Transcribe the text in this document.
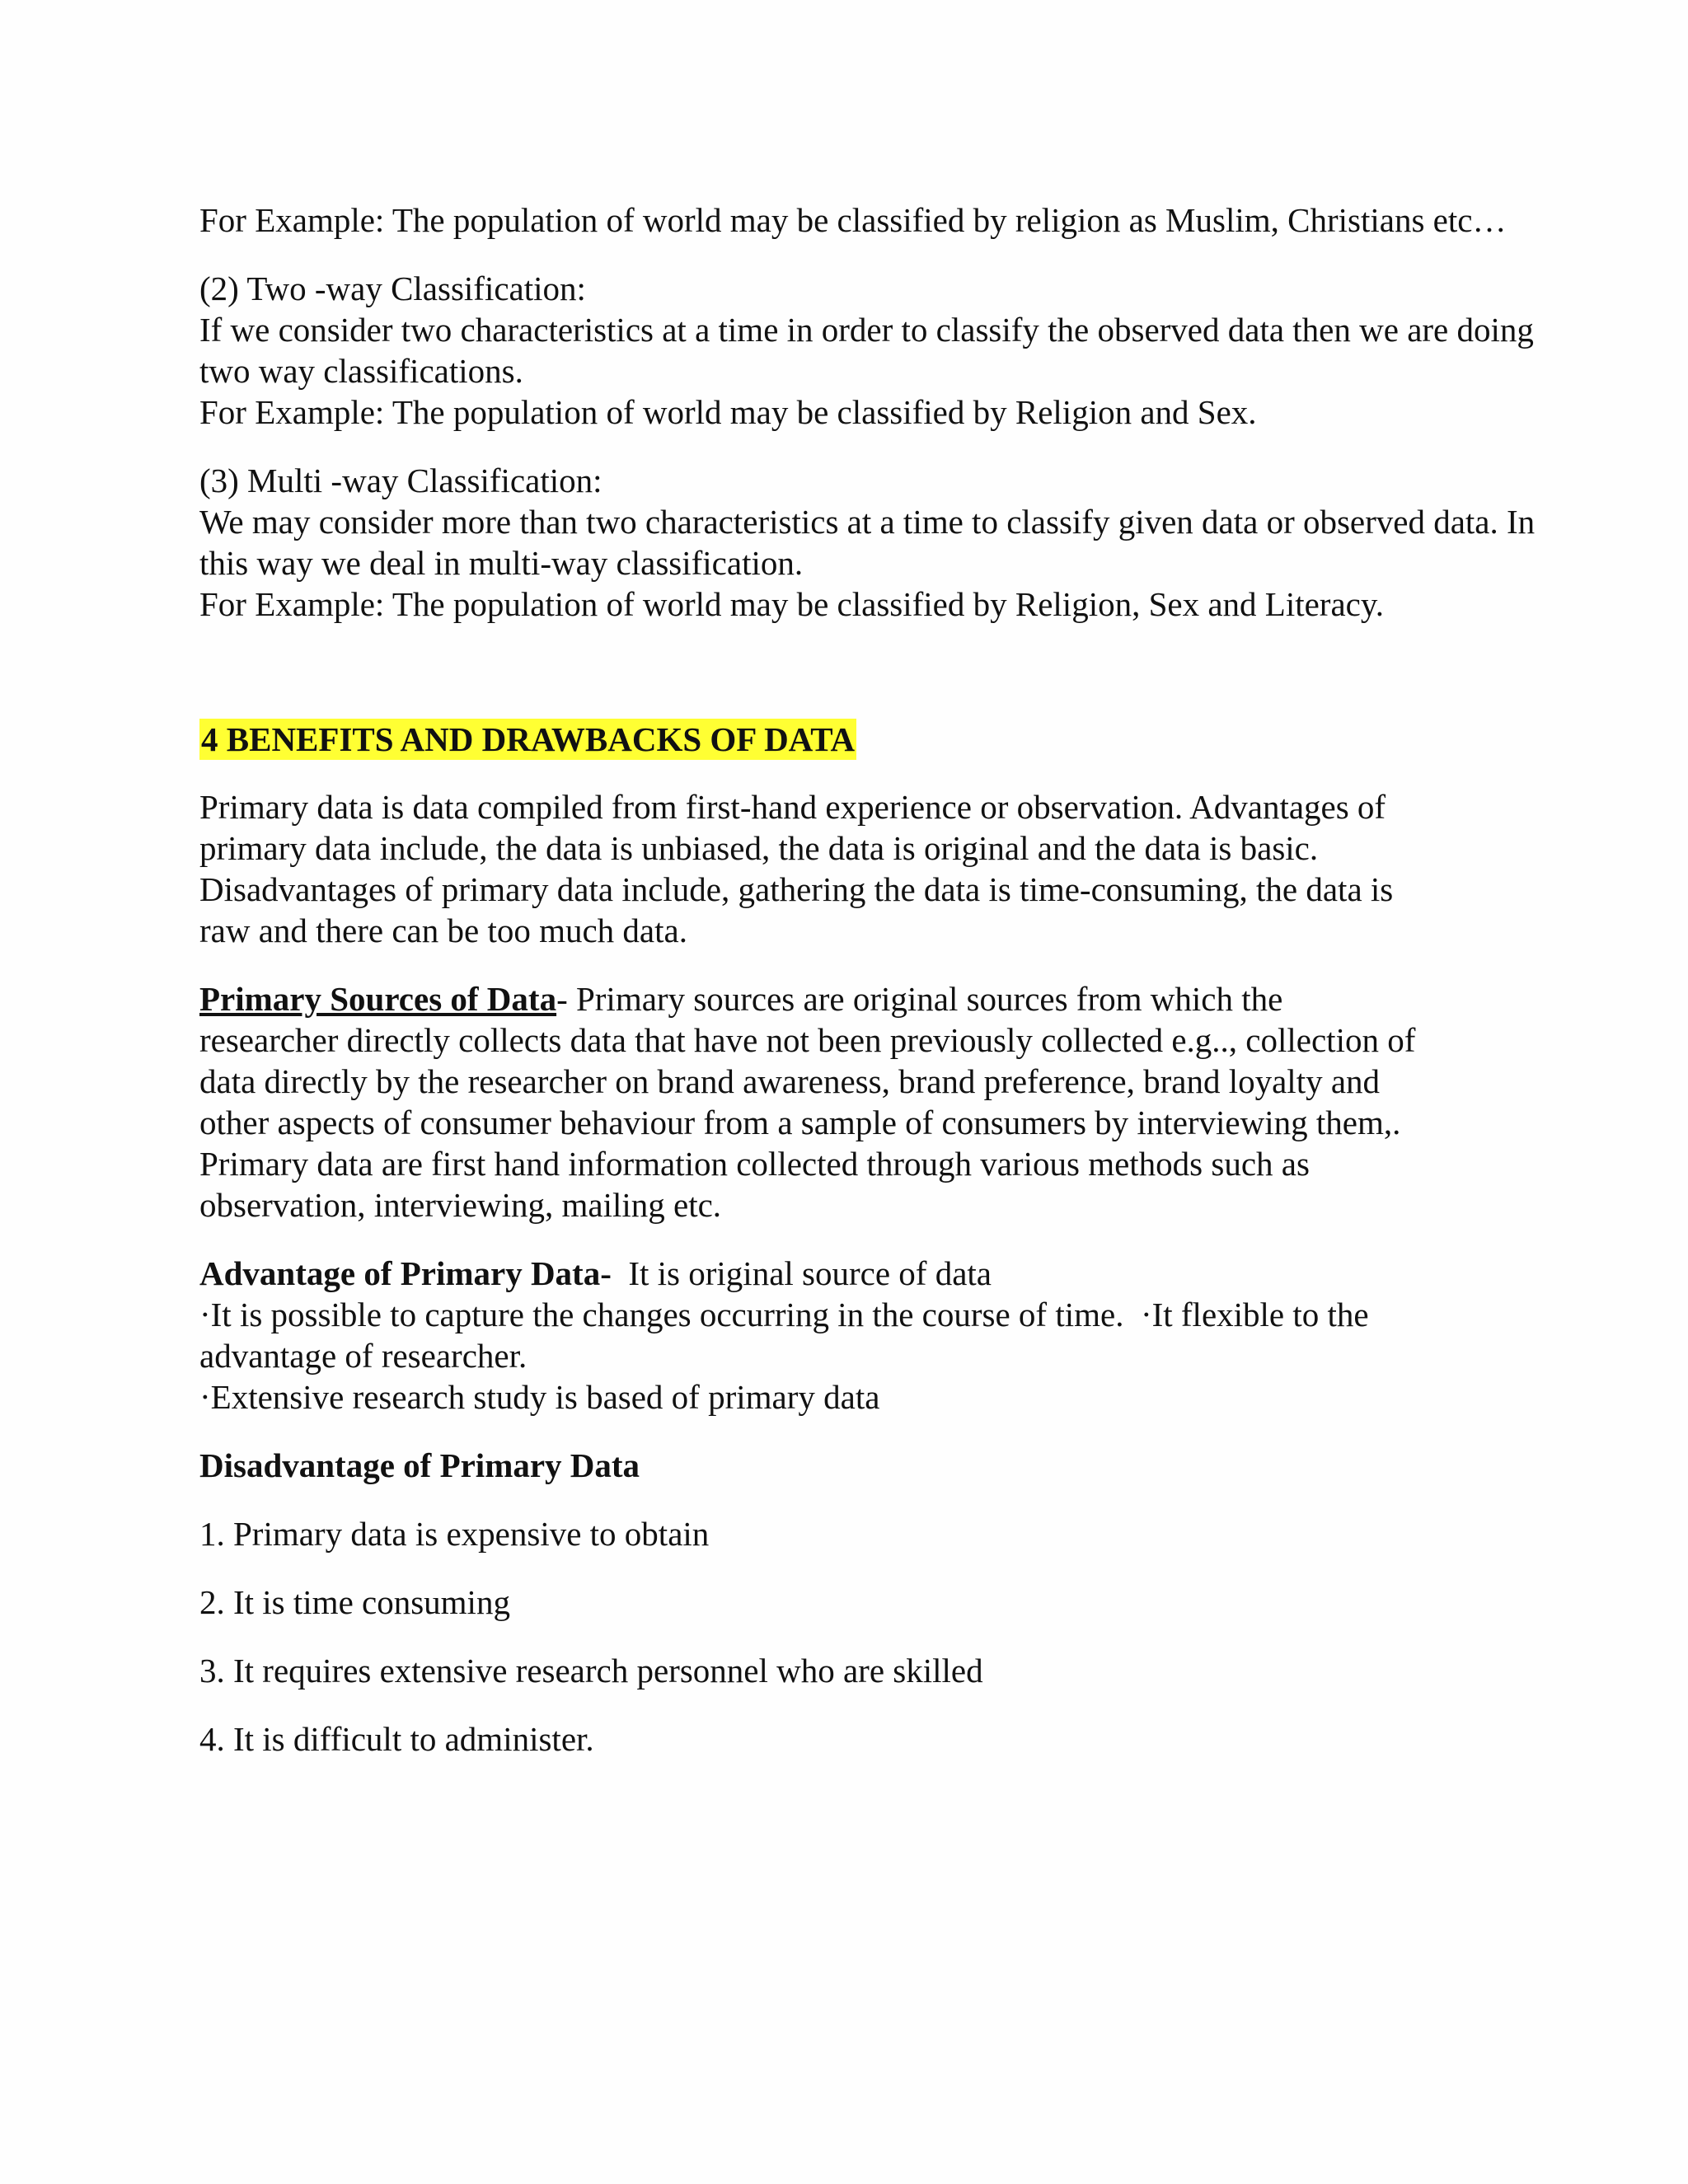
For Example: The population of world may be classified by religion as Muslim, Christians etc…

(2) Two -way Classification:
If we consider two characteristics at a time in order to classify the observed data then we are doing
two way classifications.
For Example: The population of world may be classified by Religion and Sex.

(3) Multi -way Classification:
We may consider more than two characteristics at a time to classify given data or observed data. In
this way we deal in multi-way classification.
For Example: The population of world may be classified by Religion, Sex and Literacy.

4 BENEFITS AND DRAWBACKS OF DATA

Primary data is data compiled from first-hand experience or observation. Advantages of
primary data include, the data is unbiased, the data is original and the data is basic.
Disadvantages of primary data include, gathering the data is time-consuming, the data is
raw and there can be too much data.

Primary Sources of Data- Primary sources are original sources from which the
researcher directly collects data that have not been previously collected e.g.., collection of
data directly by the researcher on brand awareness, brand preference, brand loyalty and
other aspects of consumer behaviour from a sample of consumers by interviewing them,.
Primary data are first hand information collected through various methods such as
observation, interviewing, mailing etc.

Advantage of Primary Data-  It is original source of data
·It is possible to capture the changes occurring in the course of time.  ·It flexible to the
advantage of researcher.
·Extensive research study is based of primary data

Disadvantage of Primary Data

1. Primary data is expensive to obtain

2. It is time consuming

3. It requires extensive research personnel who are skilled

4. It is difficult to administer.
